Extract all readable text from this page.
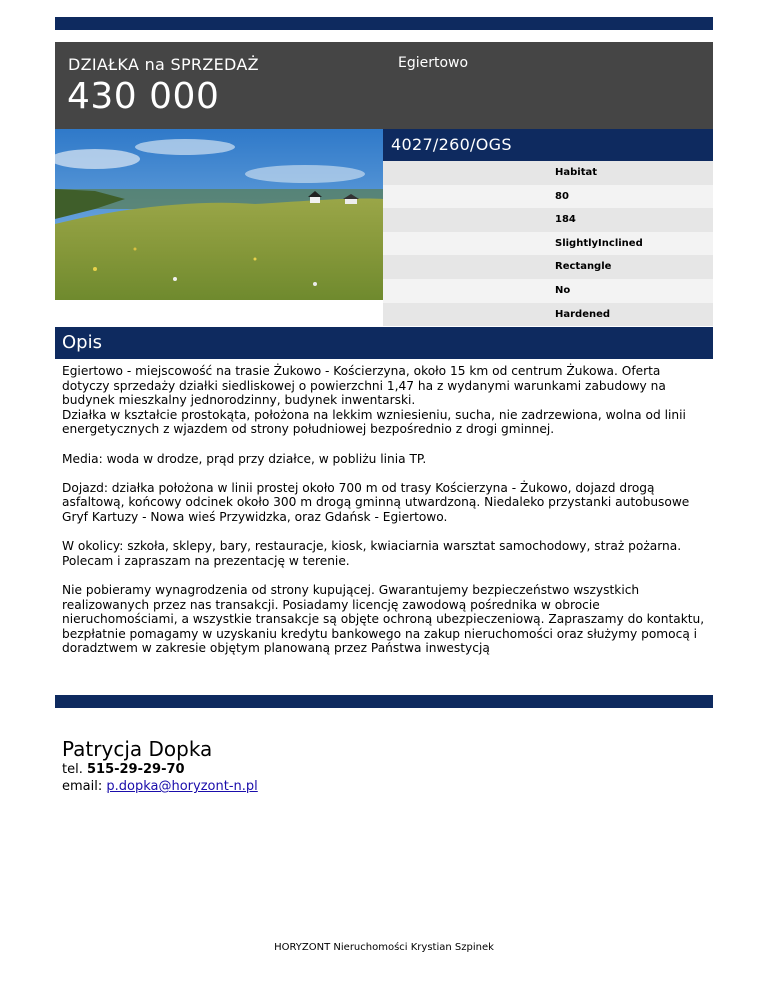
DZIAŁKA na SPRZEDAŻ
430 000
Egiertowo
4027/260/OGS
Habitat
80
184
SlightlyInclined
Rectangle
No
Hardened
Opis

Egiertowo - miejscowość na trasie Żukowo - Kościerzyna, około 15 km od centrum Żukowa. Oferta dotyczy sprzedaży działki siedliskowej o powierzchni 1,47 ha z wydanymi warunkami zabudowy na budynek mieszkalny jednorodzinny, budynek inwentarski.
Działka w kształcie prostokąta, położona na lekkim wzniesieniu, sucha, nie zadrzewiona, wolna od linii energetycznych z wjazdem od strony południowej bezpośrednio z drogi gminnej.

Media: woda w drodze, prąd przy działce, w pobliżu linia TP.

Dojazd: działka położona w linii prostej około 700 m od trasy Kościerzyna - Żukowo, dojazd drogą asfaltową, końcowy odcinek około 300 m drogą gminną utwardzoną. Niedaleko przystanki autobusowe Gryf Kartuzy - Nowa wieś Przywidzka, oraz Gdańsk - Egiertowo.

W okolicy: szkoła, sklepy, bary, restauracje, kiosk, kwiaciarnia warsztat samochodowy, straż pożarna.
Polecam i zapraszam na prezentację w terenie.

Nie pobieramy wynagrodzenia od strony kupującej. Gwarantujemy bezpieczeństwo wszystkich realizowanych przez nas transakcji. Posiadamy licencję zawodową pośrednika w obrocie nieruchomościami, a wszystkie transakcje są objęte ochroną ubezpieczeniową. Zapraszamy do kontaktu, bezpłatnie pomagamy w uzyskaniu kredytu bankowego na zakup nieruchomości oraz służymy pomocą i doradztwem w zakresie objętym planowaną przez Państwa inwestycją

Patrycja Dopka
tel. 515-29-29-70
email: p.dopka@horyzont-n.pl
HORYZONT Nieruchomości Krystian Szpinek
